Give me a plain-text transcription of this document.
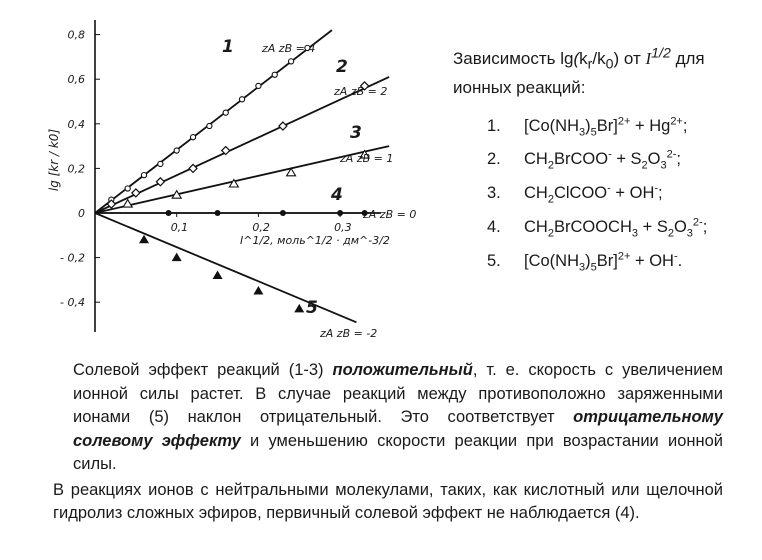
0,8
0,6
0,4
0,2
0
- 0,2
- 0,4
0,1	0,2	0,3
lg [kr / k0]
I^1/2, моль^1/2 · дм^-3/2
1	zA zB = 4
2
zA zB = 2
3
zA zB = 1
4
zA zB = 0
5
zA zB = -2
Зависимость $\lg(k_r/k_0)$ от $I^{1/2}$ для ионных реакций:
1. $[Co(NH_3)_5Br]^{2+} + Hg^{2+}$;
2. $CH_2BrCOO^- + S_2O_3^{2-}$;
3. $CH_2ClCOO^- + OH^-$;
4. $CH_2BrCOOCH_3 + S_2O_3^{2-}$;
5. $[Co(NH_3)_5Br]^{2+} + OH^-$.

Солевой эффект реакций (1-3) положительный, т. е. скорость с увеличением ионной силы растет. В случае реакций между противоположно заряженными ионами (5) наклон отрицательный. Это соответствует отрицательному солевому эффекту и уменьшению скорости реакции при возрастании ионной силы.

В реакциях ионов с нейтральными молекулами, таких, как кислотный или щелочной гидролиз сложных эфиров, первичный солевой эффект не наблюдается (4).
